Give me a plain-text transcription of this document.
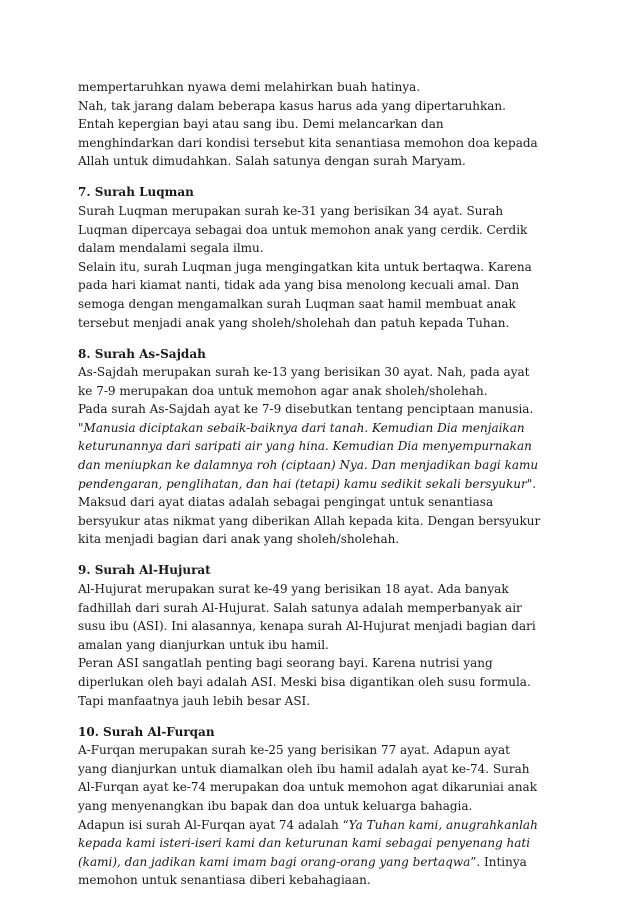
mempertaruhkan nyawa demi melahirkan buah hatinya.
Nah, tak jarang dalam beberapa kasus harus ada yang dipertaruhkan.
Entah kepergian bayi atau sang ibu. Demi melancarkan dan
menghindarkan dari kondisi tersebut kita senantiasa memohon doa kepada
Allah untuk dimudahkan. Salah satunya dengan surah Maryam.
7. Surah Luqman
Surah Luqman merupakan surah ke-31 yang berisikan 34 ayat. Surah
Luqman dipercaya sebagai doa untuk memohon anak yang cerdik. Cerdik
dalam mendalami segala ilmu.
Selain itu, surah Luqman juga mengingatkan kita untuk bertaqwa. Karena
pada hari kiamat nanti, tidak ada yang bisa menolong kecuali amal. Dan
semoga dengan mengamalkan surah Luqman saat hamil membuat anak
tersebut menjadi anak yang sholeh/sholehah dan patuh kepada Tuhan.
8. Surah As-Sajdah
As-Sajdah merupakan surah ke-13 yang berisikan 30 ayat. Nah, pada ayat
ke 7-9 merupakan doa untuk memohon agar anak sholeh/sholehah.
Pada surah As-Sajdah ayat ke 7-9 disebutkan tentang penciptaan manusia.
"Manusia diciptakan sebaik-baiknya dari tanah. Kemudian Dia menjaikan
keturunannya dari saripati air yang hina. Kemudian Dia menyempurnakan
dan meniupkan ke dalamnya roh (ciptaan) Nya. Dan menjadikan bagi kamu
pendengaran, penglihatan, dan hai (tetapi) kamu sedikit sekali bersyukur".
Maksud dari ayat diatas adalah sebagai pengingat untuk senantiasa
bersyukur atas nikmat yang diberikan Allah kepada kita. Dengan bersyukur
kita menjadi bagian dari anak yang sholeh/sholehah.
9. Surah Al-Hujurat
Al-Hujurat merupakan surat ke-49 yang berisikan 18 ayat. Ada banyak
fadhillah dari surah Al-Hujurat. Salah satunya adalah memperbanyak air
susu ibu (ASI). Ini alasannya, kenapa surah Al-Hujurat menjadi bagian dari
amalan yang dianjurkan untuk ibu hamil.
Peran ASI sangatlah penting bagi seorang bayi. Karena nutrisi yang
diperlukan oleh bayi adalah ASI. Meski bisa digantikan oleh susu formula.
Tapi manfaatnya jauh lebih besar ASI.
10. Surah Al-Furqan
A-Furqan merupakan surah ke-25 yang berisikan 77 ayat. Adapun ayat
yang dianjurkan untuk diamalkan oleh ibu hamil adalah ayat ke-74. Surah
Al-Furqan ayat ke-74 merupakan doa untuk memohon agat dikaruniai anak
yang menyenangkan ibu bapak dan doa untuk keluarga bahagia.
Adapun isi surah Al-Furqan ayat 74 adalah “Ya Tuhan kami, anugrahkanlah
kepada kami isteri-iseri kami dan keturunan kami sebagai penyenang hati
(kami), dan jadikan kami imam bagi orang-orang yang bertaqwa”. Intinya
memohon untuk senantiasa diberi kebahagiaan.
